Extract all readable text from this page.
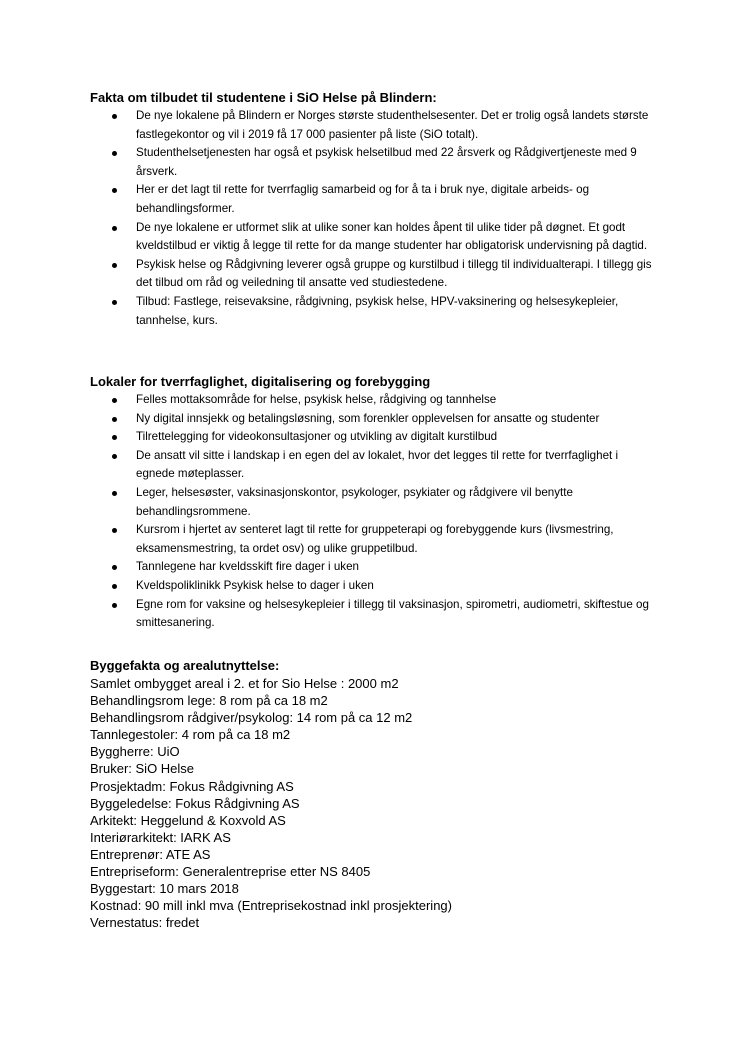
Fakta om tilbudet til studentene i SiO Helse på Blindern:
De nye lokalene på Blindern er Norges største studenthelsesenter. Det er trolig også landets største fastlegekontor og vil i 2019 få 17 000 pasienter på liste (SiO totalt).
Studenthelsetjenesten har også et psykisk helsetilbud med 22 årsverk og Rådgivertjeneste med 9 årsverk.
Her er det lagt til rette for tverrfaglig samarbeid og for å ta i bruk nye, digitale arbeids- og behandlingsformer.
De nye lokalene er utformet slik at ulike soner kan holdes åpent til ulike tider på døgnet. Et godt kveldstilbud er viktig å legge til rette for da mange studenter har obligatorisk undervisning på dagtid.
Psykisk helse og Rådgivning leverer også gruppe og kurstilbud i tillegg til individualterapi. I tillegg gis det tilbud om råd og veiledning til ansatte ved studiestedene.
Tilbud: Fastlege, reisevaksine, rådgivning, psykisk helse, HPV-vaksinering og helsesykepleier, tannhelse, kurs.
Lokaler for tverrfaglighet, digitalisering og forebygging
Felles mottaksområde for helse, psykisk helse, rådgiving og tannhelse
Ny digital innsjekk og betalingsløsning, som forenkler opplevelsen for ansatte og studenter
Tilrettelegging for videokonsultasjoner og utvikling av digitalt kurstilbud
De ansatt vil sitte i landskap i en egen del av lokalet, hvor det legges til rette for tverrfaglighet i egnede møteplasser.
Leger, helsesøster, vaksinasjonskontor, psykologer, psykiater og rådgivere vil benytte behandlingsrommene.
Kursrom i hjertet av senteret lagt til rette for gruppeterapi og forebyggende kurs (livsmestring, eksamensmestring, ta ordet osv) og ulike gruppetilbud.
Tannlegene har kveldsskift fire dager i uken
Kveldspoliklinikk Psykisk helse to dager i uken
Egne rom for vaksine og helsesykepleier i tillegg til vaksinasjon, spirometri, audiometri, skiftestue og smittesanering.
Byggefakta og arealutnyttelse:

Samlet ombygget areal i 2. et for Sio Helse : 2000 m2

Behandlingsrom lege: 8 rom på ca 18 m2

Behandlingsrom rådgiver/psykolog: 14 rom på ca 12 m2

Tannlegestoler: 4 rom på ca 18 m2

Byggherre: UiO

Bruker: SiO Helse

Prosjektadm: Fokus Rådgivning AS

Byggeledelse: Fokus Rådgivning AS

Arkitekt: Heggelund & Koxvold AS

Interiørarkitekt: IARK AS

Entreprenør: ATE AS

Entrepriseform: Generalentreprise etter NS 8405

Byggestart: 10 mars 2018

Kostnad: 90 mill inkl mva (Entreprisekostnad inkl prosjektering)

Vernestatus: fredet
